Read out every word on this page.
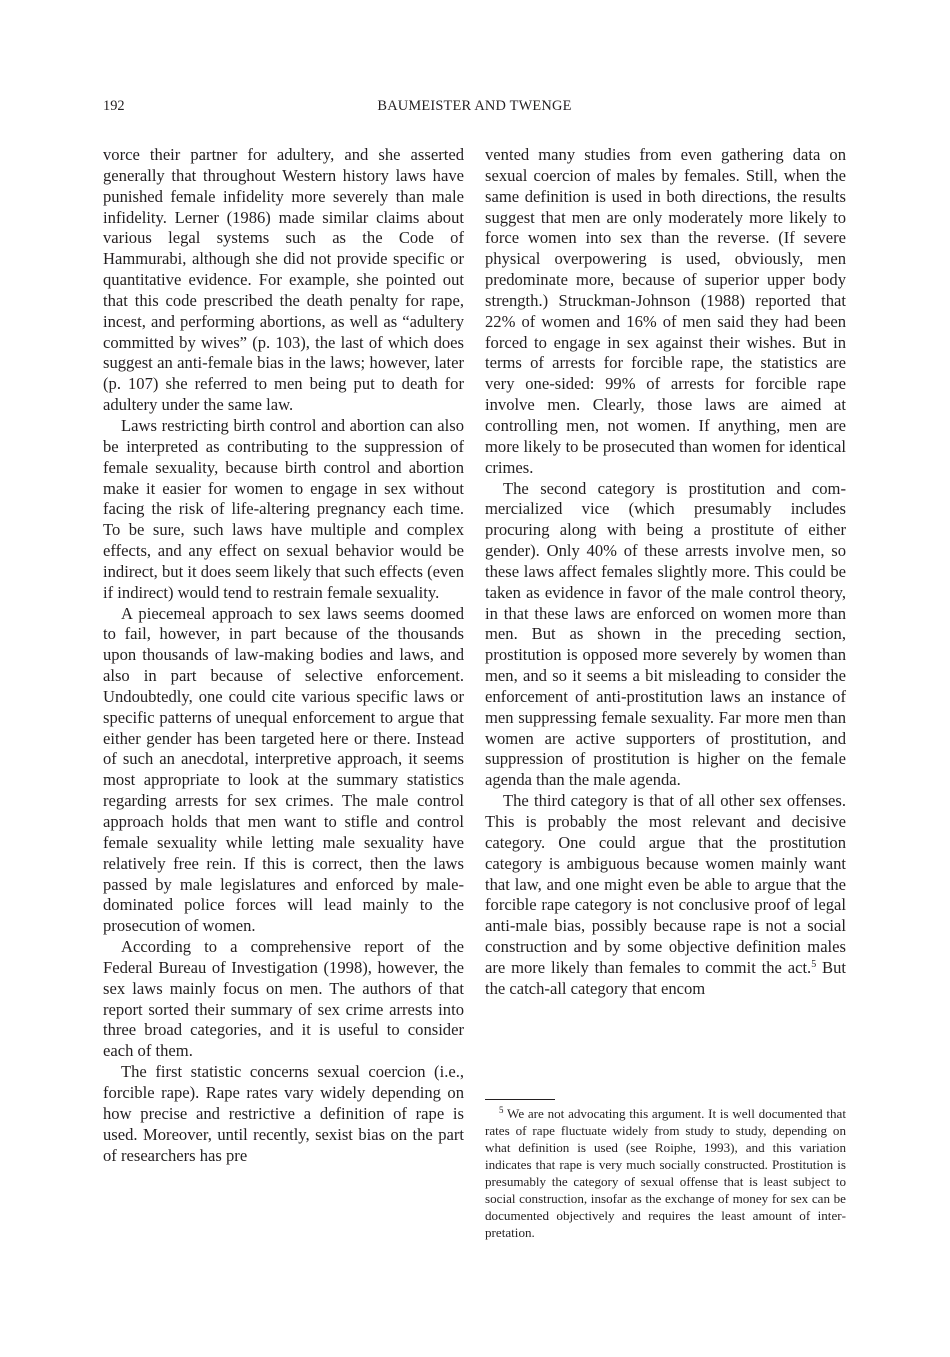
192	BAUMEISTER AND TWENGE

vorce their partner for adultery, and she asserted generally that throughout Western history laws have punished female infidelity more severely than male infidelity. Lerner (1986) made similar claims about various legal systems such as the Code of Hammurabi, although she did not provide specific or quantitative evidence. For example, she pointed out that this code prescribed the death penalty for rape, incest, and performing abortions, as well as “adultery committed by wives” (p. 103), the last of which does suggest an anti-female bias in the laws; however, later (p. 107) she referred to men being put to death for adultery under the same law.

Laws restricting birth control and abortion can also be interpreted as contributing to the suppression of female sexuality, because birth control and abortion make it easier for women to engage in sex without facing the risk of life-altering pregnancy each time. To be sure, such laws have multiple and complex effects, and any effect on sexual behavior would be indirect, but it does seem likely that such effects (even if indirect) would tend to restrain female sexuality.

A piecemeal approach to sex laws seems doomed to fail, however, in part because of the thousands upon thousands of law-making bodies and laws, and also in part because of selective enforcement. Undoubtedly, one could cite various specific laws or specific patterns of unequal enforcement to argue that either gender has been targeted here or there. Instead of such an anecdotal, interpretive approach, it seems most appropriate to look at the summary statistics regarding arrests for sex crimes. The male control approach holds that men want to stifle and control female sexuality while letting male sexuality have relatively free rein. If this is correct, then the laws passed by male legislatures and enforced by male-dominated police forces will lead mainly to the prosecution of women.

According to a comprehensive report of the Federal Bureau of Investigation (1998), however, the sex laws mainly focus on men. The authors of that report sorted their summary of sex crime arrests into three broad categories, and it is useful to consider each of them.

The first statistic concerns sexual coercion (i.e., forcible rape). Rape rates vary widely depending on how precise and restrictive a definition of rape is used. Moreover, until recently, sexist bias on the part of researchers has pre

vented many studies from even gathering data on sexual coercion of males by females. Still, when the same definition is used in both directions, the results suggest that men are only moderately more likely to force women into sex than the reverse. (If severe physical overpowering is used, obviously, men predominate more, because of superior upper body strength.) Struckman-Johnson (1988) reported that 22% of women and 16% of men said they had been forced to engage in sex against their wishes. But in terms of arrests for forcible rape, the statistics are very one-sided: 99% of arrests for forcible rape involve men. Clearly, those laws are aimed at controlling men, not women. If anything, men are more likely to be prosecuted than women for identical crimes.

The second category is prostitution and commercialized vice (which presumably includes procuring along with being a prostitute of either gender). Only 40% of these arrests involve men, so these laws affect females slightly more. This could be taken as evidence in favor of the male control theory, in that these laws are enforced on women more than men. But as shown in the preceding section, prostitution is opposed more severely by women than men, and so it seems a bit misleading to consider the enforcement of anti-prostitution laws an instance of men suppressing female sexuality. Far more men than women are active supporters of prostitution, and suppression of prostitution is higher on the female agenda than the male agenda.

The third category is that of all other sex offenses. This is probably the most relevant and decisive category. One could argue that the prostitution category is ambiguous because women mainly want that law, and one might even be able to argue that the forcible rape category is not conclusive proof of legal anti-male bias, possibly because rape is not a social construction and by some objective definition males are more likely than females to commit the act.$^5$ But the catch-all category that encom

$^5$ We are not advocating this argument. It is well documented that rates of rape fluctuate widely from study to study, depending on what definition is used (see Roiphe, 1993), and this variation indicates that rape is very much socially constructed. Prostitution is presumably the category of sexual offense that is least subject to social construction, insofar as the exchange of money for sex can be documented objectively and requires the least amount of interpretation.
